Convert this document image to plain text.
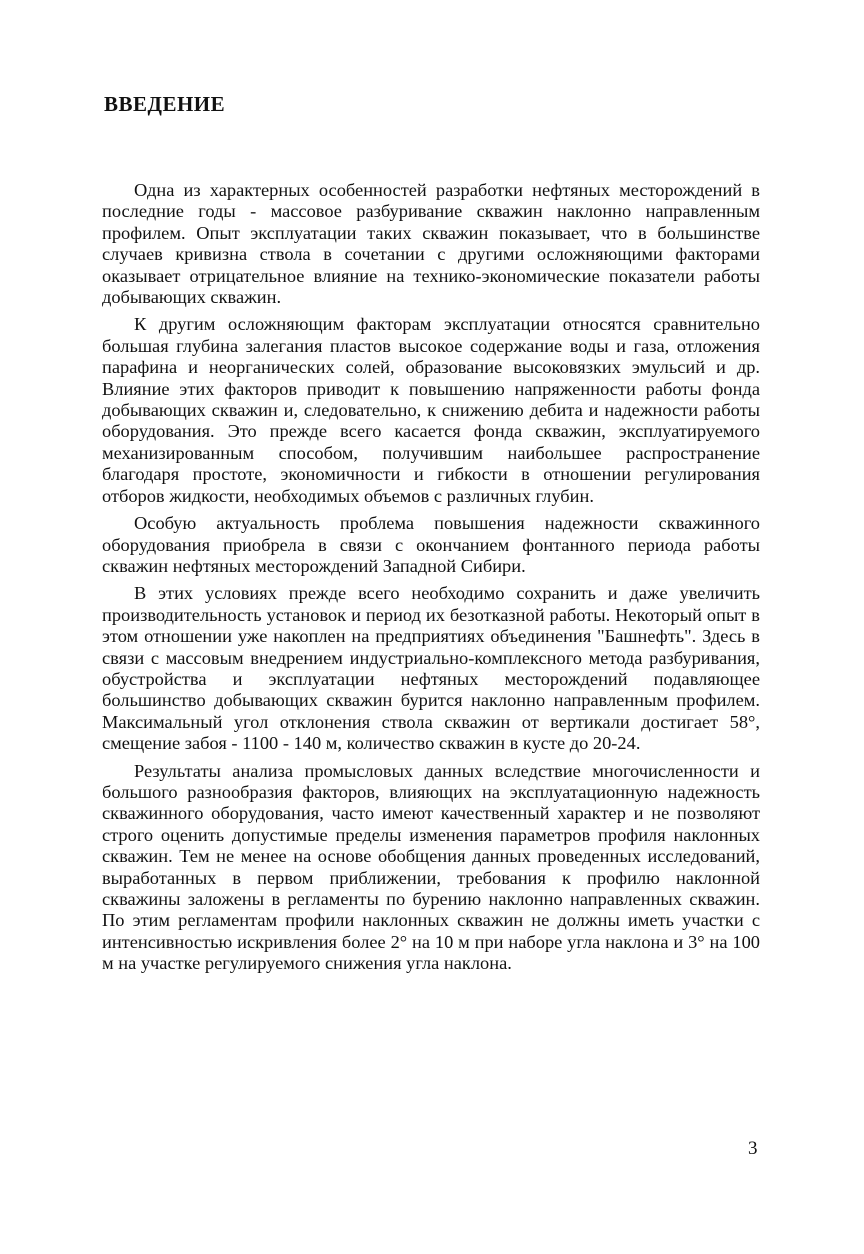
ВВЕДЕНИЕ

Одна из характерных особенностей разработки нефтяных месторождений в последние годы - массовое разбуривание скважин наклонно направленным профилем. Опыт эксплуатации таких скважин показывает, что в большинстве случаев кривизна ствола в сочетании с другими осложняющими факторами оказывает отрицательное влияние на технико-экономические показатели работы добывающих скважин.

К другим осложняющим факторам эксплуатации относятся сравнительно большая глубина залегания пластов высокое содержание воды и газа, отложения парафина и неорганических солей, образование высоковязких эмульсий и др. Влияние этих факторов приводит к повышению напряженности работы фонда добывающих скважин и, следовательно, к снижению дебита и надежности работы оборудования. Это прежде всего касается фонда скважин, эксплуатируемого механизированным способом, получившим наибольшее распространение благодаря простоте, экономичности и гибкости в отношении регулирования отборов жидкости, необходимых объемов с различных глубин.

Особую актуальность проблема повышения надежности скважинного оборудования приобрела в связи с окончанием фонтанного периода работы скважин нефтяных месторождений Западной Сибири.

В этих условиях прежде всего необходимо сохранить и даже увеличить производительность установок и период их безотказной работы. Некоторый опыт в этом отношении уже накоплен на предприятиях объединения "Башнефть". Здесь в связи с массовым внедрением индустриально-комплексного метода разбуривания, обустройства и эксплуатации нефтяных месторождений подавляющее большинство добывающих скважин бурится наклонно направленным профилем. Максимальный угол отклонения ствола скважин от вертикали достигает 58°, смещение забоя - 1100 - 140 м, количество скважин в кусте до 20-24.

Результаты анализа промысловых данных вследствие многочисленности и большого разнообразия факторов, влияющих на эксплуатационную надежность скважинного оборудования, часто имеют качественный характер и не позволяют строго оценить допустимые пределы изменения параметров профиля наклонных скважин. Тем не менее на основе обобщения данных проведенных исследований, выработанных в первом приближении, требования к профилю наклонной скважины заложены в регламенты по бурению наклонно направленных скважин. По этим регламентам профили наклонных скважин не должны иметь участки с интенсивностью искривления более 2° на 10 м при наборе угла наклона и 3° на 100 м на участке регулируемого снижения угла наклона.

3
